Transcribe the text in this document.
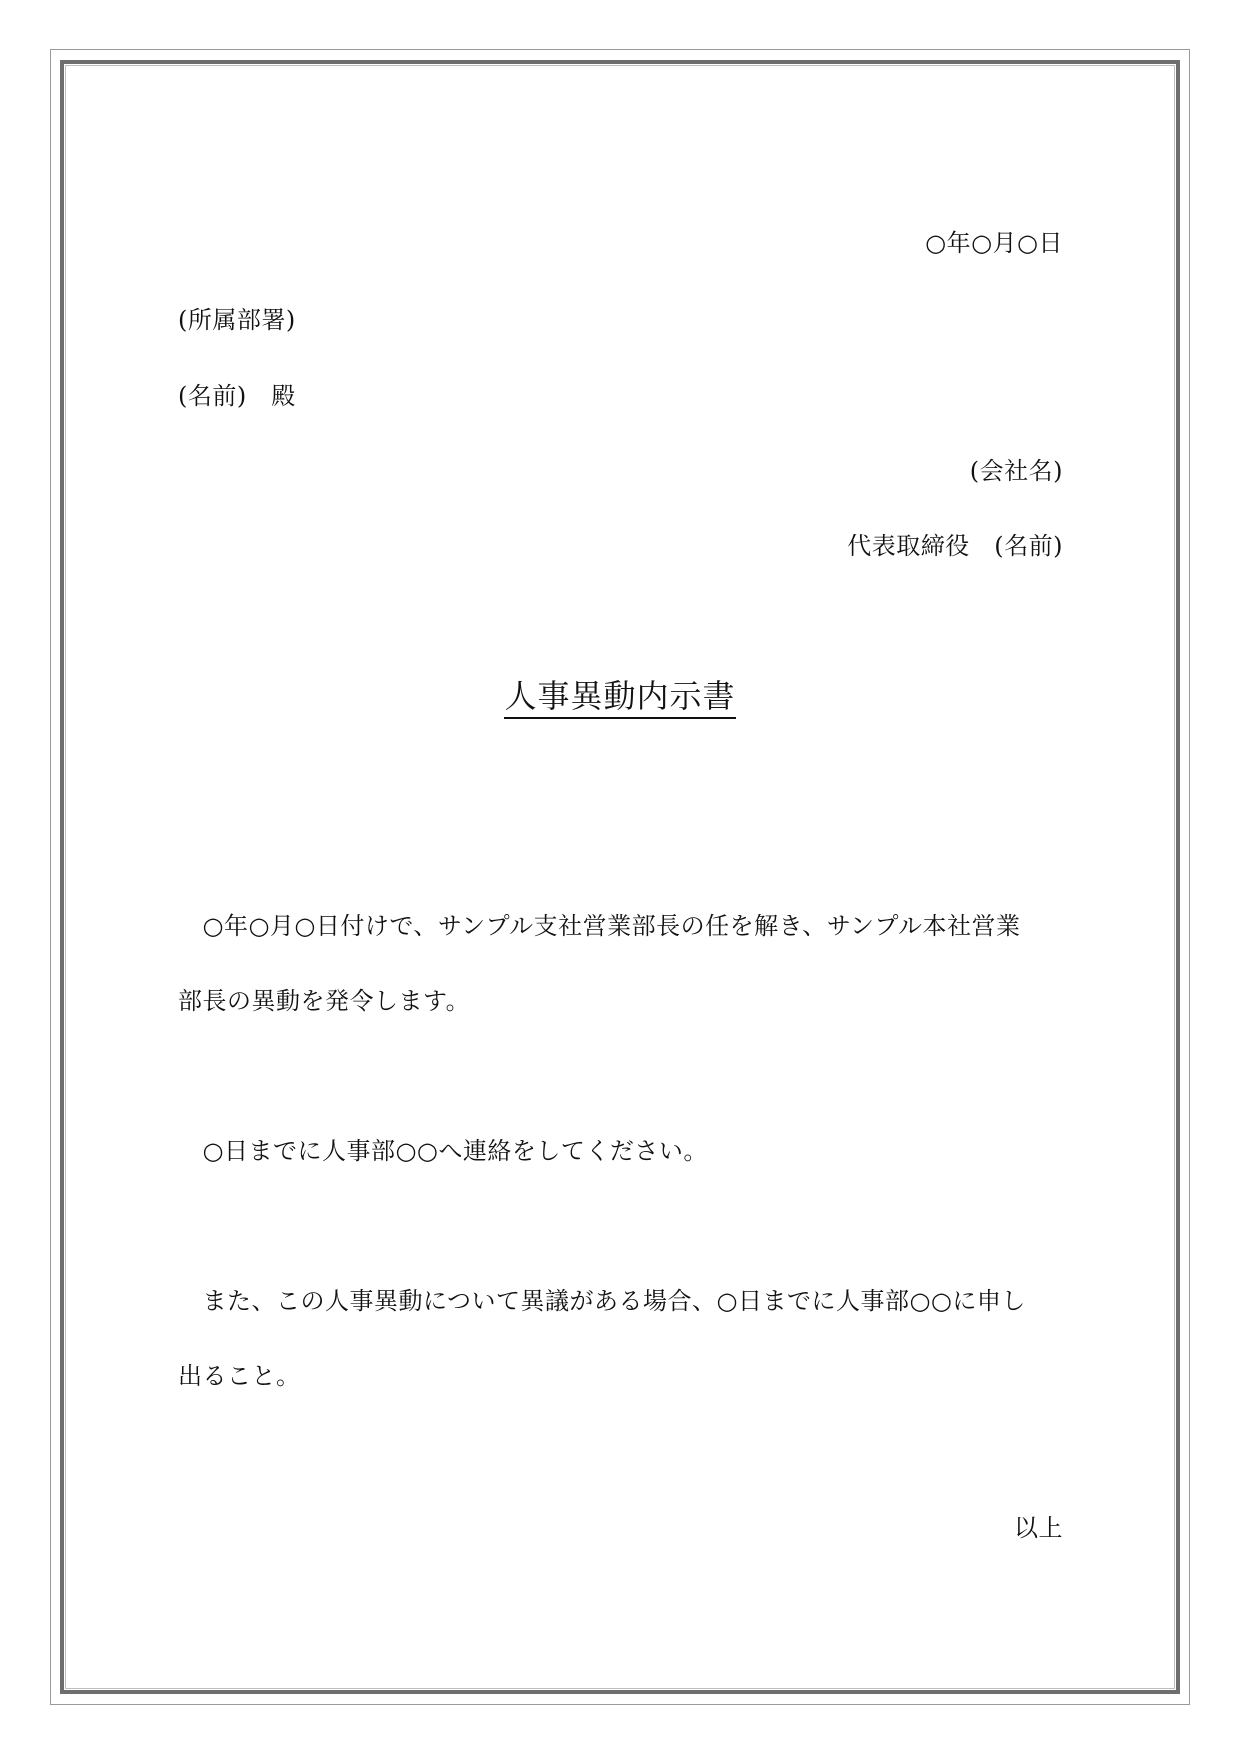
○年○月○日
(所属部署)
(名前)　殿
(会社名)
代表取締役　(名前)
人事異動内示書
　○年○月○日付けで、サンプル支社営業部長の任を解き、サンプル本社営業
部長の異動を発令します。
　○日までに人事部○○へ連絡をしてください。
　また、この人事異動について異議がある場合、○日までに人事部○○に申し
出ること。
以上
